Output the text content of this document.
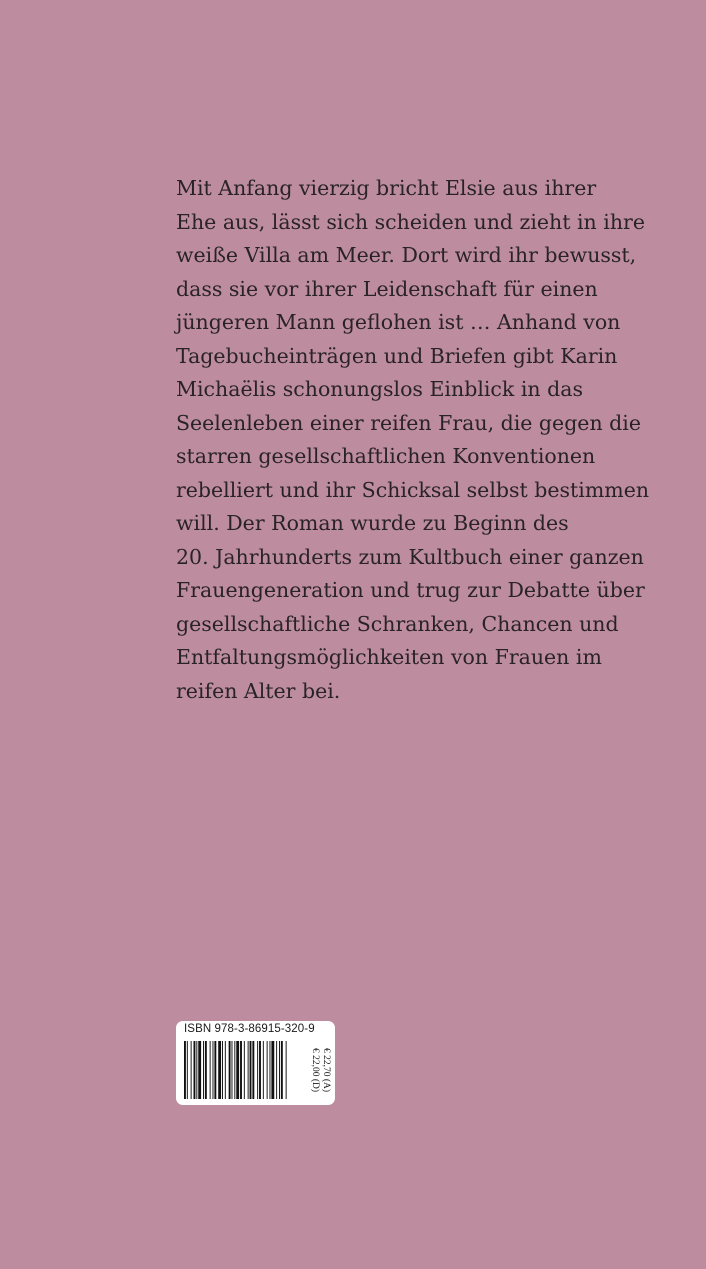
Mit Anfang vierzig bricht Elsie aus ihrer
Ehe aus, lässt sich scheiden und zieht in ihre
weiße Villa am Meer. Dort wird ihr bewusst,
dass sie vor ihrer Leidenschaft für einen
jüngeren Mann geflohen ist … Anhand von
Tagebucheinträgen und Briefen gibt Karin
Michaëlis schonungslos Einblick in das
Seelenleben einer reifen Frau, die gegen die
starren gesellschaftlichen Konventionen
rebelliert und ihr Schicksal selbst bestimmen
will. Der Roman wurde zu Beginn des
20. Jahrhunderts zum Kultbuch einer ganzen
Frauengeneration und trug zur Debatte über
gesellschaftliche Schranken, Chancen und
Entfaltungsmöglichkeiten von Frauen im
reifen Alter bei.
ISBN 978-3-86915-320-9
€ 22,00 (D) € 22,70 (A)
